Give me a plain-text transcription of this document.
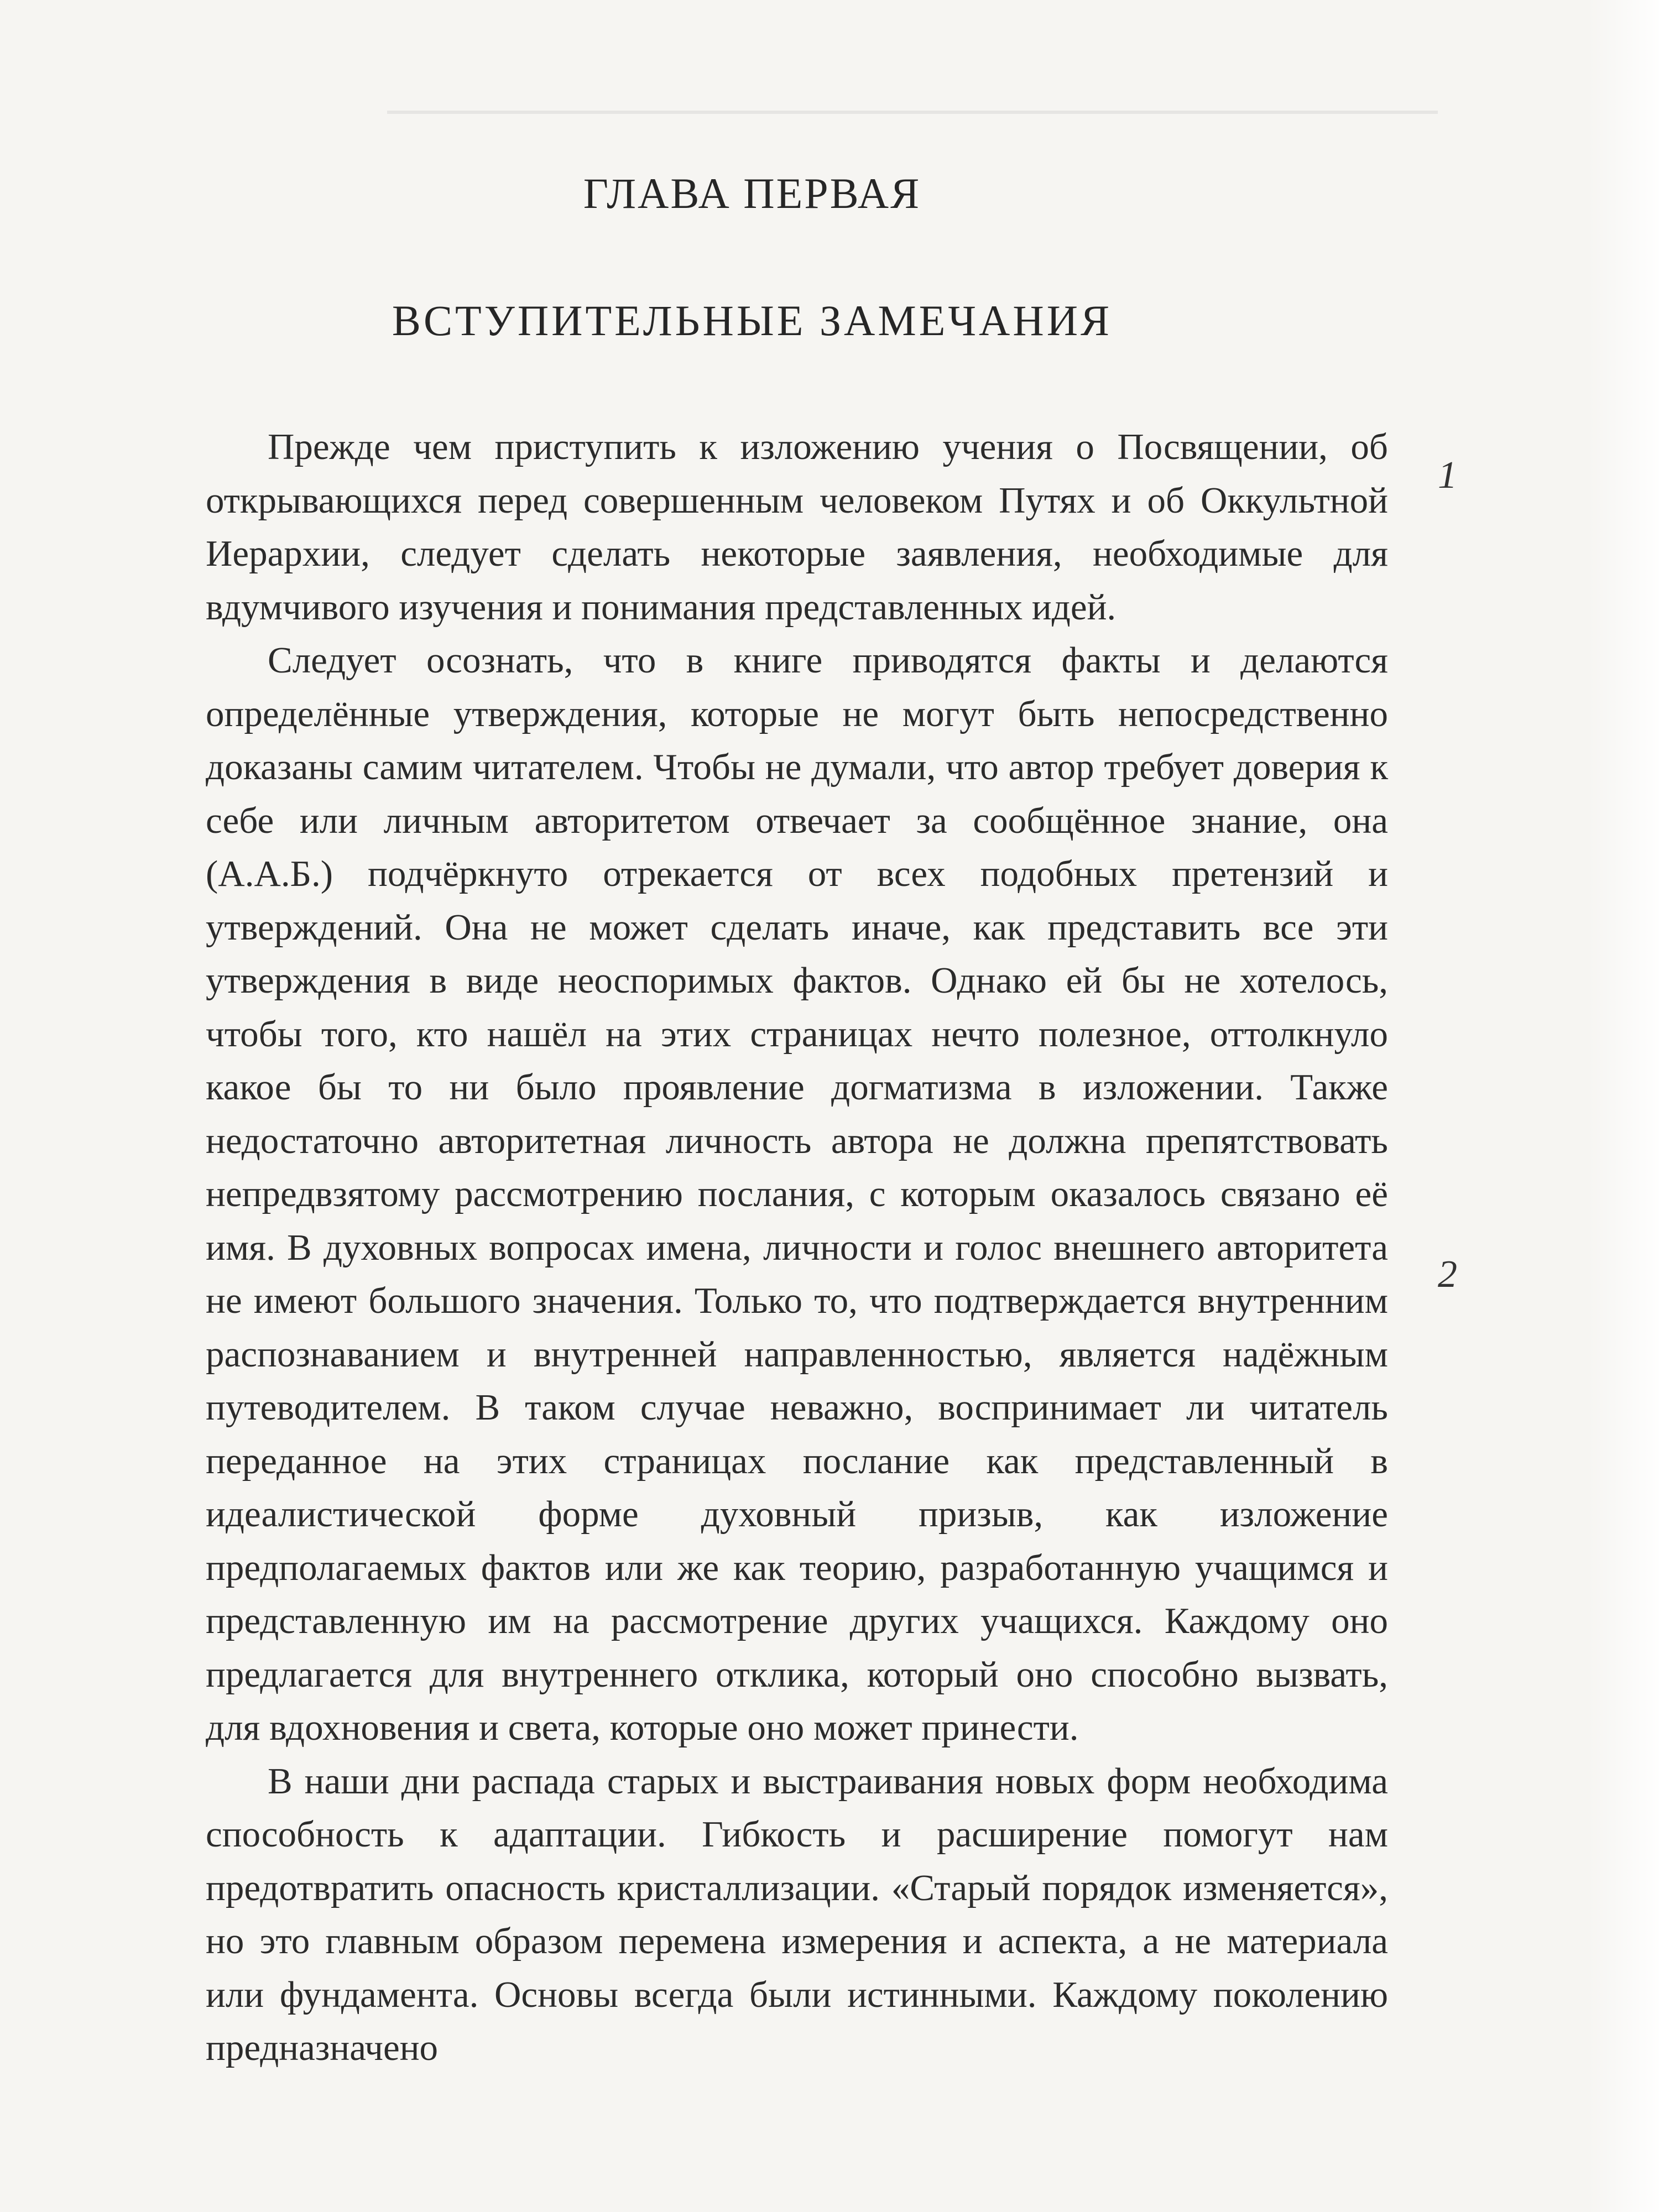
ГЛАВА ПЕРВАЯ
ВСТУПИТЕЛЬНЫЕ ЗАМЕЧАНИЯ
1
2

Прежде чем приступить к изложению учения о Посвящении, об открывающихся перед совершенным человеком Путях и об Оккультной Иерархии, следует сделать некоторые заявления, необходимые для вдумчивого изучения и понимания представленных идей.

Следует осознать, что в книге приводятся факты и делаются определённые утверждения, которые не могут быть непосредственно доказаны самим читателем. Чтобы не думали, что автор требует доверия к себе или личным авторитетом отвечает за сообщённое знание, она (А.А.Б.) подчёркнуто отрекается от всех подобных претензий и утверждений. Она не может сделать иначе, как представить все эти утверждения в виде неоспоримых фактов. Однако ей бы не хотелось, чтобы того, кто нашёл на этих страницах нечто полезное, оттолкнуло какое бы то ни было проявление догматизма в изложении. Также недостаточно авторитетная личность автора не должна препятствовать непредвзятому рассмотрению послания, с которым оказалось связано её имя. В духовных вопросах имена, личности и голос внешнего авторитета не имеют большого значения. Только то, что подтверждается внутренним распознаванием и внутренней направленностью, является надёжным путеводителем. В таком случае неважно, воспринимает ли читатель переданное на этих страницах послание как представленный в идеалистической форме духовный призыв, как изложение предполагаемых фактов или же как теорию, разработанную учащимся и представленную им на рассмотрение других учащихся. Каждому оно предлагается для внутреннего отклика, который оно способно вызвать, для вдохновения и света, которые оно может принести.

В наши дни распада старых и выстраивания новых форм необходима способность к адаптации. Гибкость и расширение помогут нам предотвратить опасность кристаллизации. «Старый порядок изменяется», но это главным образом перемена измерения и аспекта, а не материала или фундамента. Основы всегда были истинными. Каждому поколению предназначено
